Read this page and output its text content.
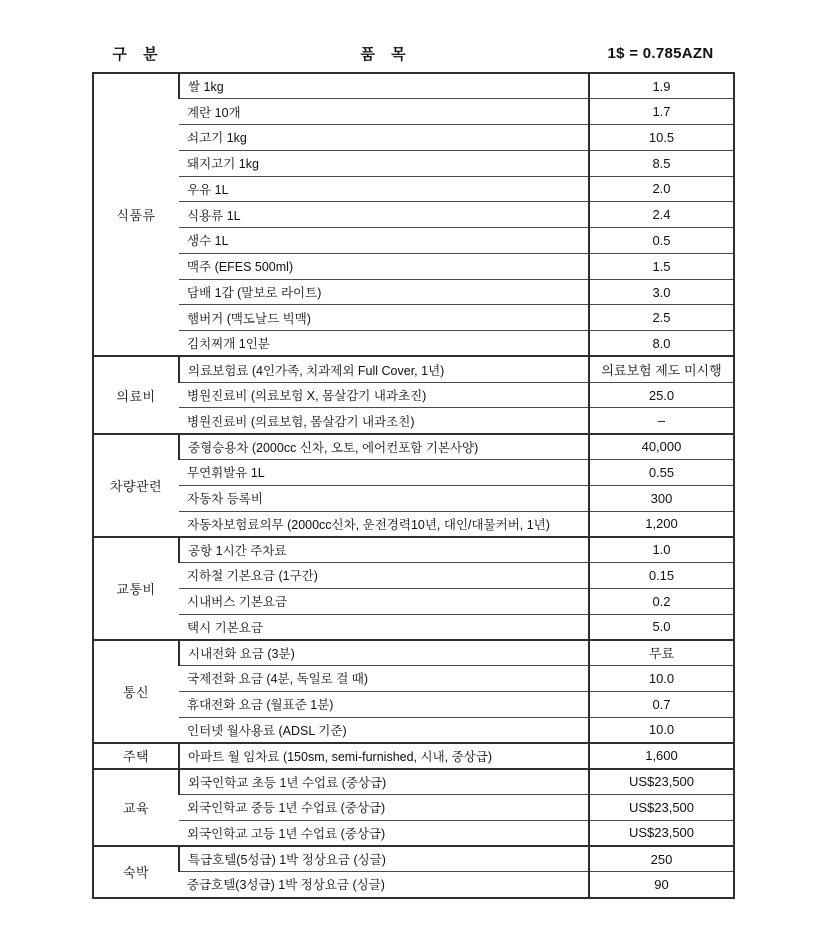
구 분	품 목	1$ = 0.785AZN
식품류	쌀 1kg	1.9
	계란 10개	1.7
	쇠고기 1kg	10.5
	돼지고기 1kg	8.5
	우유 1L	2.0
	식용류 1L	2.4
	생수 1L	0.5
	맥주 (EFES 500ml)	1.5
	담배 1갑 (말보로 라이트)	3.0
	햄버거 (맥도날드 빅맥)	2.5
	김치찌개 1인분	8.0
의료비	의료보험료 (4인가족, 치과제외 Full Cover, 1년)	의료보험 제도 미시행
	병원진료비 (의료보험 X, 몸살감기 내과초진)	25.0
	병원진료비 (의료보험, 몸살감기 내과조친)	–
차량관련	중형승용차 (2000cc 신차, 오토, 에어컨포함 기본사양)	40,000
	무연휘발유 1L	0.55
	자동차 등록비	300
	자동차보험료의무 (2000cc신차, 운전경력10년, 대인/대물커버, 1년)	1,200
교통비	공항 1시간 주차료	1.0
	지하철 기본요금 (1구간)	0.15
	시내버스 기본요금	0.2
	택시 기본요금	5.0
통신	시내전화 요금 (3분)	무료
	국제전화 요금 (4분, 독일로 걸 때)	10.0
	휴대전화 요금 (월표준 1분)	0.7
	인터넷 월사용료 (ADSL 기준)	10.0
주택	아파트 월 임차료 (150sm, semi-furnished, 시내, 중상급)	1,600
교육	외국인학교 초등 1년 수업료 (중상급)	US$23,500
	외국인학교 중등 1년 수업료 (중상급)	US$23,500
	외국인학교 고등 1년 수업료 (중상급)	US$23,500
숙박	특급호텔(5성급) 1박 정상요금 (싱글)	250
	중급호텔(3성급) 1박 정상요금 (싱글)	90
